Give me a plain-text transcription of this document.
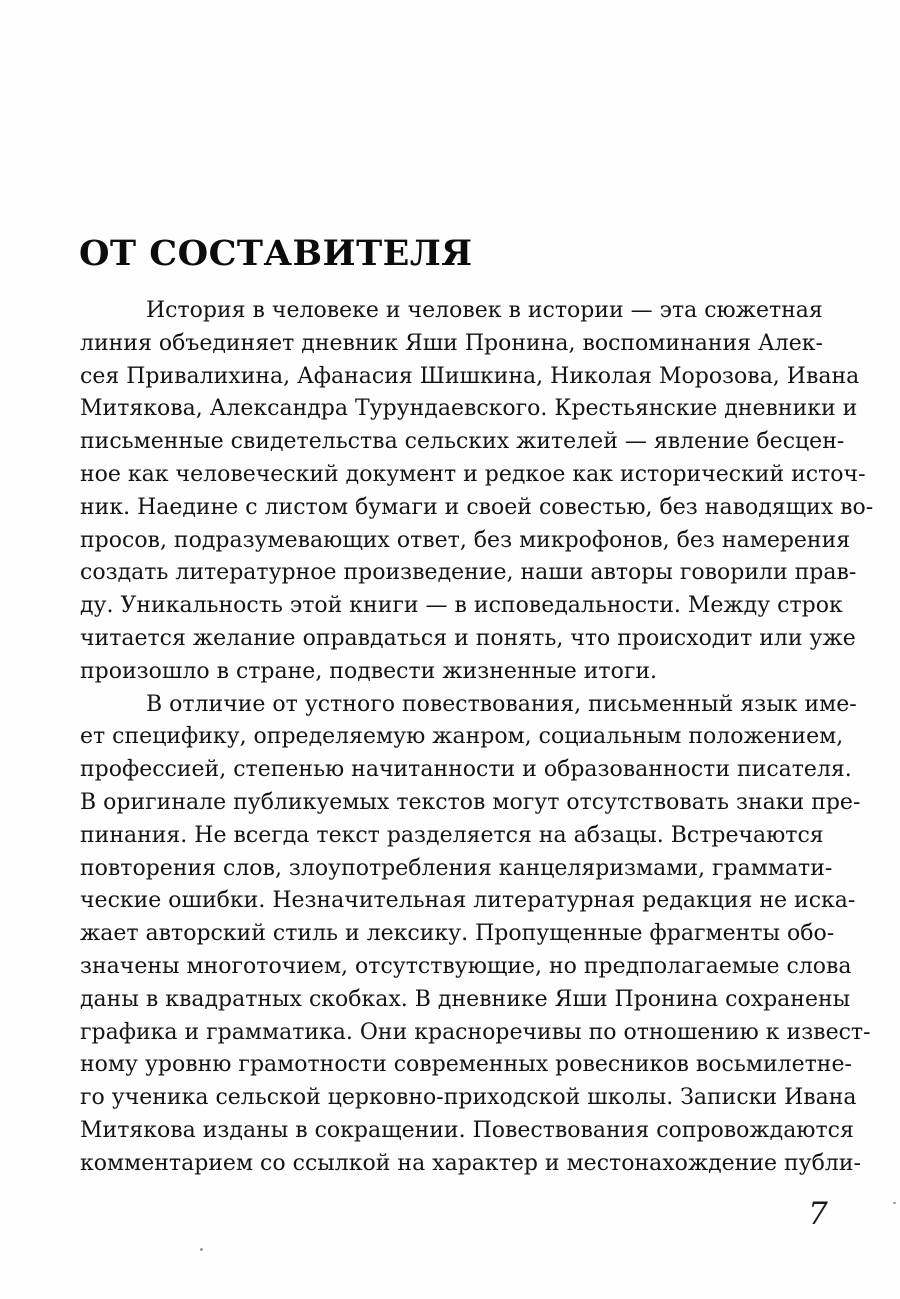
ОТ СОСТАВИТЕЛЯ
История в человеке и человек в истории — эта сюжетная
линия объединяет дневник Яши Пронина, воспоминания Алек-
сея Привалихина, Афанасия Шишкина, Николая Морозова, Ивана
Митякова, Александра Турундаевского. Крестьянские дневники и
письменные свидетельства сельских жителей — явление бесцен-
ное как человеческий документ и редкое как исторический источ-
ник. Наедине с листом бумаги и своей совестью, без наводящих во-
просов, подразумевающих ответ, без микрофонов, без намерения
создать литературное произведение, наши авторы говорили прав-
ду. Уникальность этой книги — в исповедальности. Между строк
читается желание оправдаться и понять, что происходит или уже
произошло в стране, подвести жизненные итоги.
В отличие от устного повествования, письменный язык име-
ет специфику, определяемую жанром, социальным положением,
профессией, степенью начитанности и образованности писателя.
В оригинале публикуемых текстов могут отсутствовать знаки пре-
пинания. Не всегда текст разделяется на абзацы. Встречаются
повторения слов, злоупотребления канцеляризмами, граммати-
ческие ошибки. Незначительная литературная редакция не иска-
жает авторский стиль и лексику. Пропущенные фрагменты обо-
значены многоточием, отсутствующие, но предполагаемые слова
даны в квадратных скобках. В дневнике Яши Пронина сохранены
графика и грамматика. Они красноречивы по отношению к извест-
ному уровню грамотности современных ровесников восьмилетне-
го ученика сельской церковно-приходской школы. Записки Ивана
Митякова изданы в сокращении. Повествования сопровождаются
комментарием со ссылкой на характер и местонахождение публи-
7
